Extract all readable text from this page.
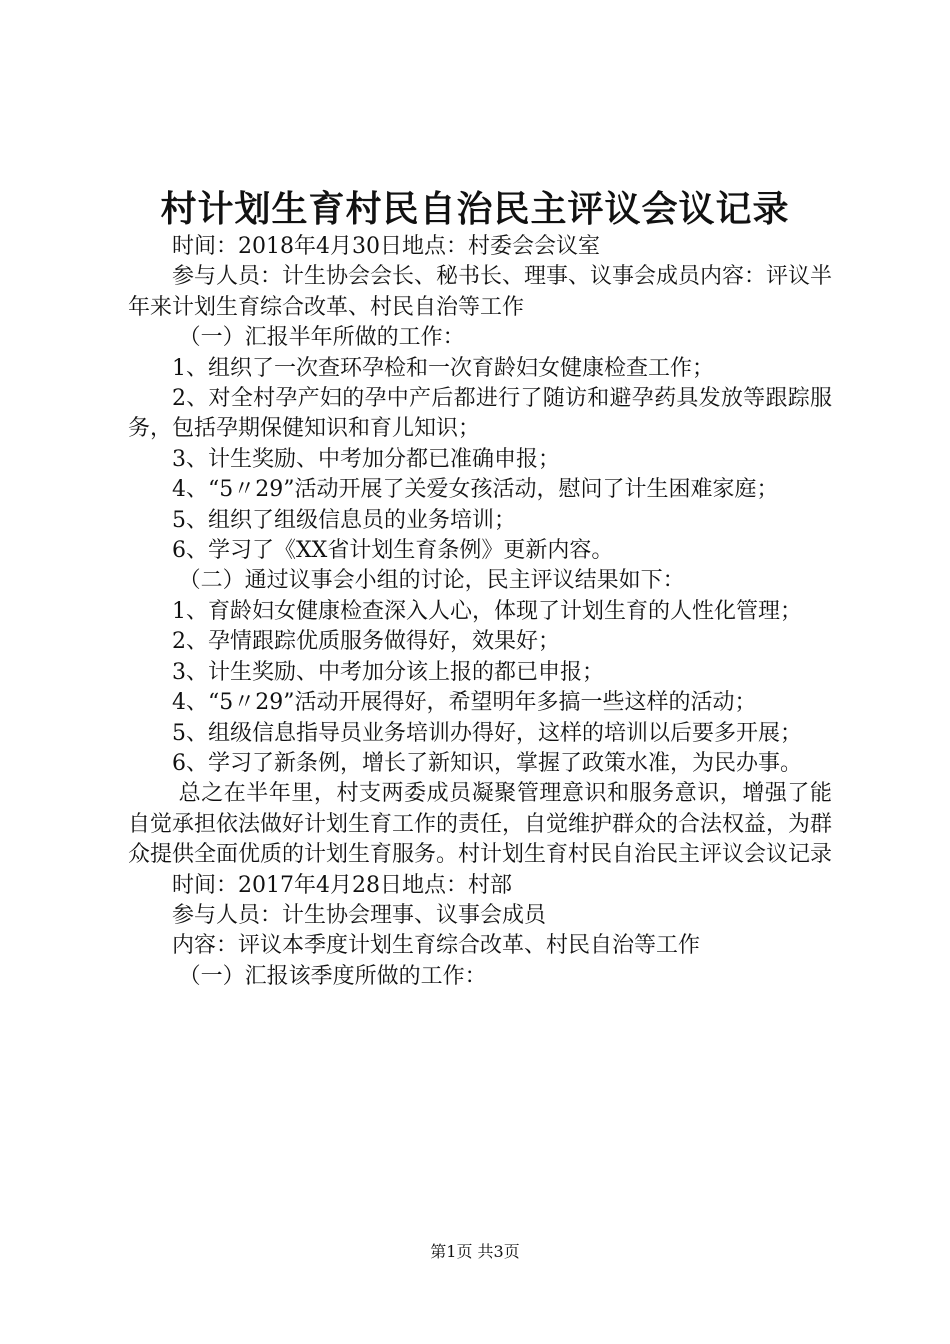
村计划生育村民自治民主评议会议记录

时间：2018年4月30日地点：村委会会议室

参与人员：计生协会会长、秘书长、理事、议事会成员内容：评议半年来计划生育综合改革、村民自治等工作

（一）汇报半年所做的工作：

1、组织了一次查环孕检和一次育龄妇女健康检查工作；

2、对全村孕产妇的孕中产后都进行了随访和避孕药具发放等跟踪服务，包括孕期保健知识和育儿知识；

3、计生奖励、中考加分都已准确申报；

4、“5〃29”活动开展了关爱女孩活动，慰问了计生困难家庭；

5、组织了组级信息员的业务培训；

6、学习了《XX省计划生育条例》更新内容。

（二）通过议事会小组的讨论，民主评议结果如下：

1、育龄妇女健康检查深入人心，体现了计划生育的人性化管理；

2、孕情跟踪优质服务做得好，效果好；

3、计生奖励、中考加分该上报的都已申报；

4、“5〃29”活动开展得好，希望明年多搞一些这样的活动；

5、组级信息指导员业务培训办得好，这样的培训以后要多开展；

6、学习了新条例，增长了新知识，掌握了政策水准，为民办事。

总之在半年里，村支两委成员凝聚管理意识和服务意识，增强了能自觉承担依法做好计划生育工作的责任，自觉维护群众的合法权益，为群众提供全面优质的计划生育服务。村计划生育村民自治民主评议会议记录

时间：2017年4月28日地点：村部

参与人员：计生协会理事、议事会成员

内容：评议本季度计划生育综合改革、村民自治等工作

（一）汇报该季度所做的工作：

第1页 共3页
